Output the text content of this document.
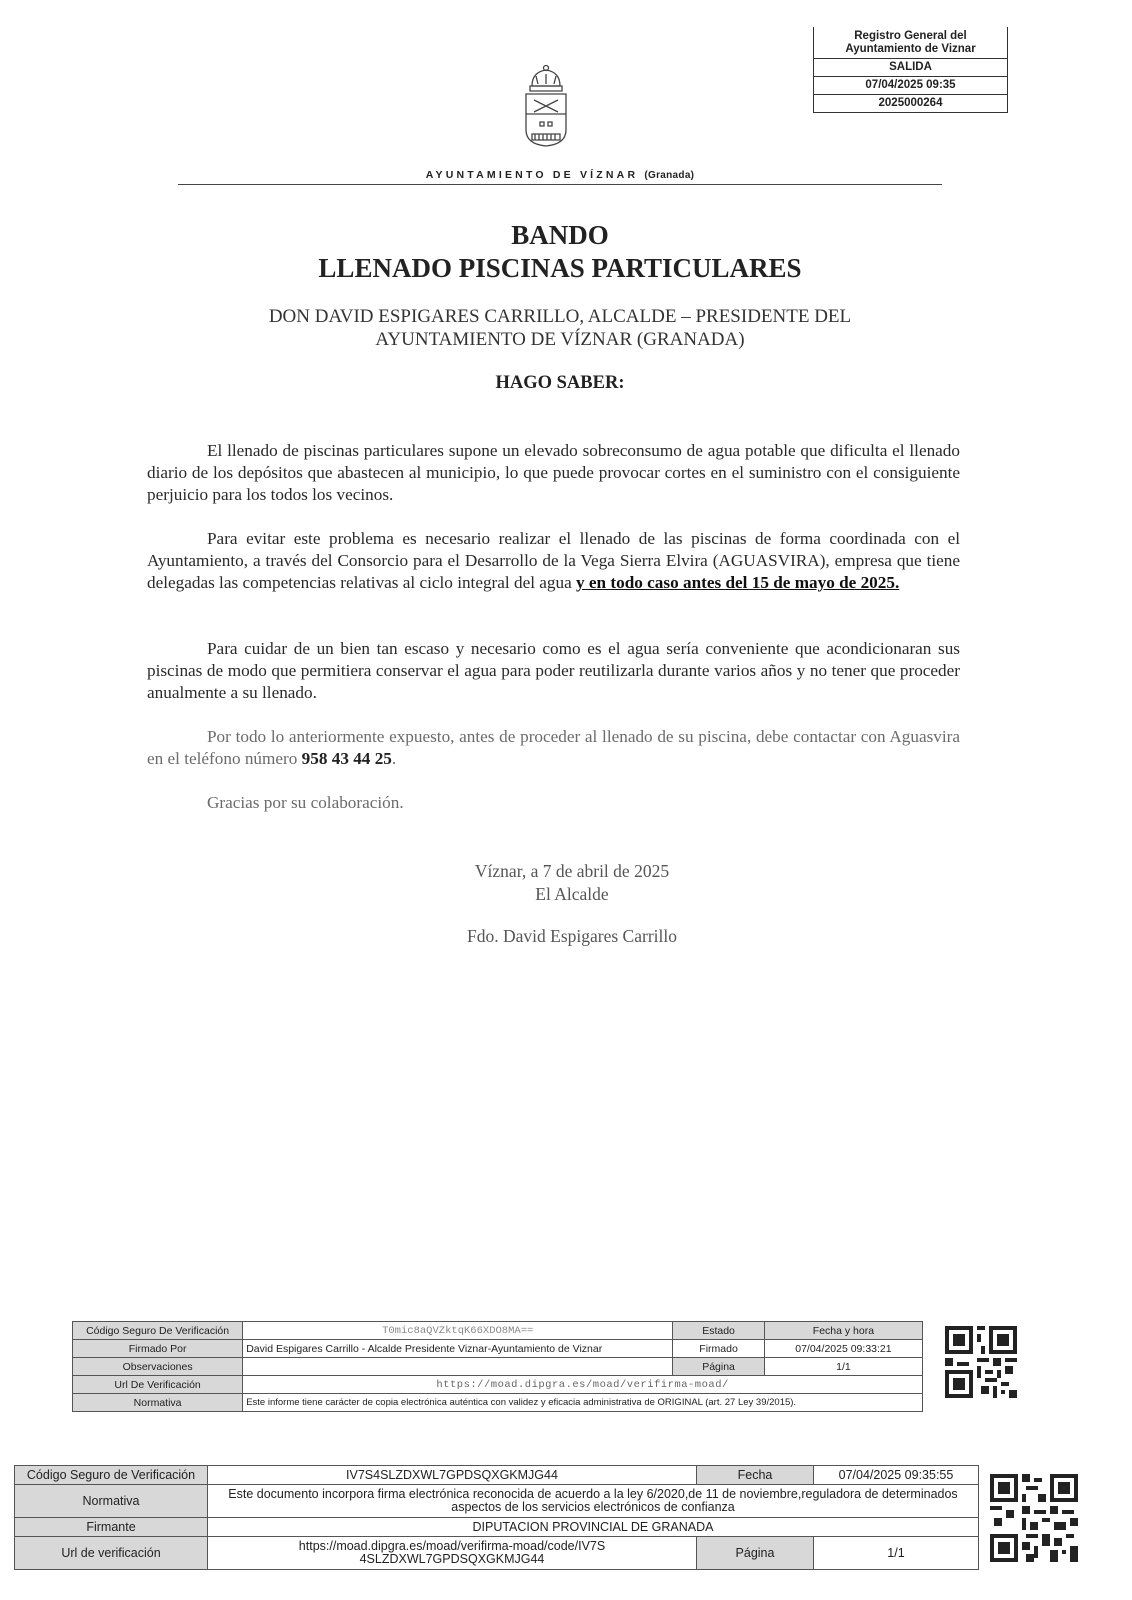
Registro General del Ayuntamiento de Viznar
SALIDA
07/04/2025 09:35
2025000264
AYUNTAMIENTO DE VÍZNAR (Granada)
BANDO
LLENADO PISCINAS PARTICULARES
DON DAVID ESPIGARES CARRILLO, ALCALDE – PRESIDENTE DEL
AYUNTAMIENTO DE VÍZNAR (GRANADA)
HAGO SABER:
El llenado de piscinas particulares supone un elevado sobreconsumo de agua potable que dificulta el llenado diario de los depósitos que abastecen al municipio, lo que puede provocar cortes en el suministro con el consiguiente perjuicio para los todos los vecinos.
Para evitar este problema es necesario realizar el llenado de las piscinas de forma coordinada con el Ayuntamiento, a través del Consorcio para el Desarrollo de la Vega Sierra Elvira (AGUASVIRA), empresa que tiene delegadas las competencias relativas al ciclo integral del agua y en todo caso antes del 15 de mayo de 2025.
Para cuidar de un bien tan escaso y necesario como es el agua sería conveniente que acondicionaran sus piscinas de modo que permitiera conservar el agua para poder reutilizarla durante varios años y no tener que proceder anualmente a su llenado.
Por todo lo anteriormente expuesto, antes de proceder al llenado de su piscina, debe contactar con Aguasvira en el teléfono número 958 43 44 25.
Gracias por su colaboración.
Víznar, a 7 de abril de 2025
El Alcalde
Fdo. David Espigares Carrillo
Código Seguro De Verificación	T0mic8aQVZktqK66XDO8MA==	Estado	Fecha y hora
Firmado Por	David Espigares Carrillo - Alcalde Presidente Viznar-Ayuntamiento de Viznar	Firmado	07/04/2025 09:33:21
Observaciones		Página	1/1
Url De Verificación	https://moad.dipgra.es/moad/verifirma-moad/		
Normativa	Este informe tiene carácter de copia electrónica auténtica con validez y eficacia administrativa de ORIGINAL (art. 27 Ley 39/2015).		
Código Seguro de Verificación	IV7S4SLZDXWL7GPDSQXGKMJG44	Fecha	07/04/2025 09:35:55
Normativa	Este documento incorpora firma electrónica reconocida de acuerdo a la ley 6/2020,de 11 de noviembre,reguladora de determinados aspectos de los servicios electrónicos de confianza		
Firmante	DIPUTACION PROVINCIAL DE GRANADA		
Url de verificación	https://moad.dipgra.es/moad/verifirma-moad/code/IV7S4SLZDXWL7GPDSQXGKMJG44	Página	1/1
